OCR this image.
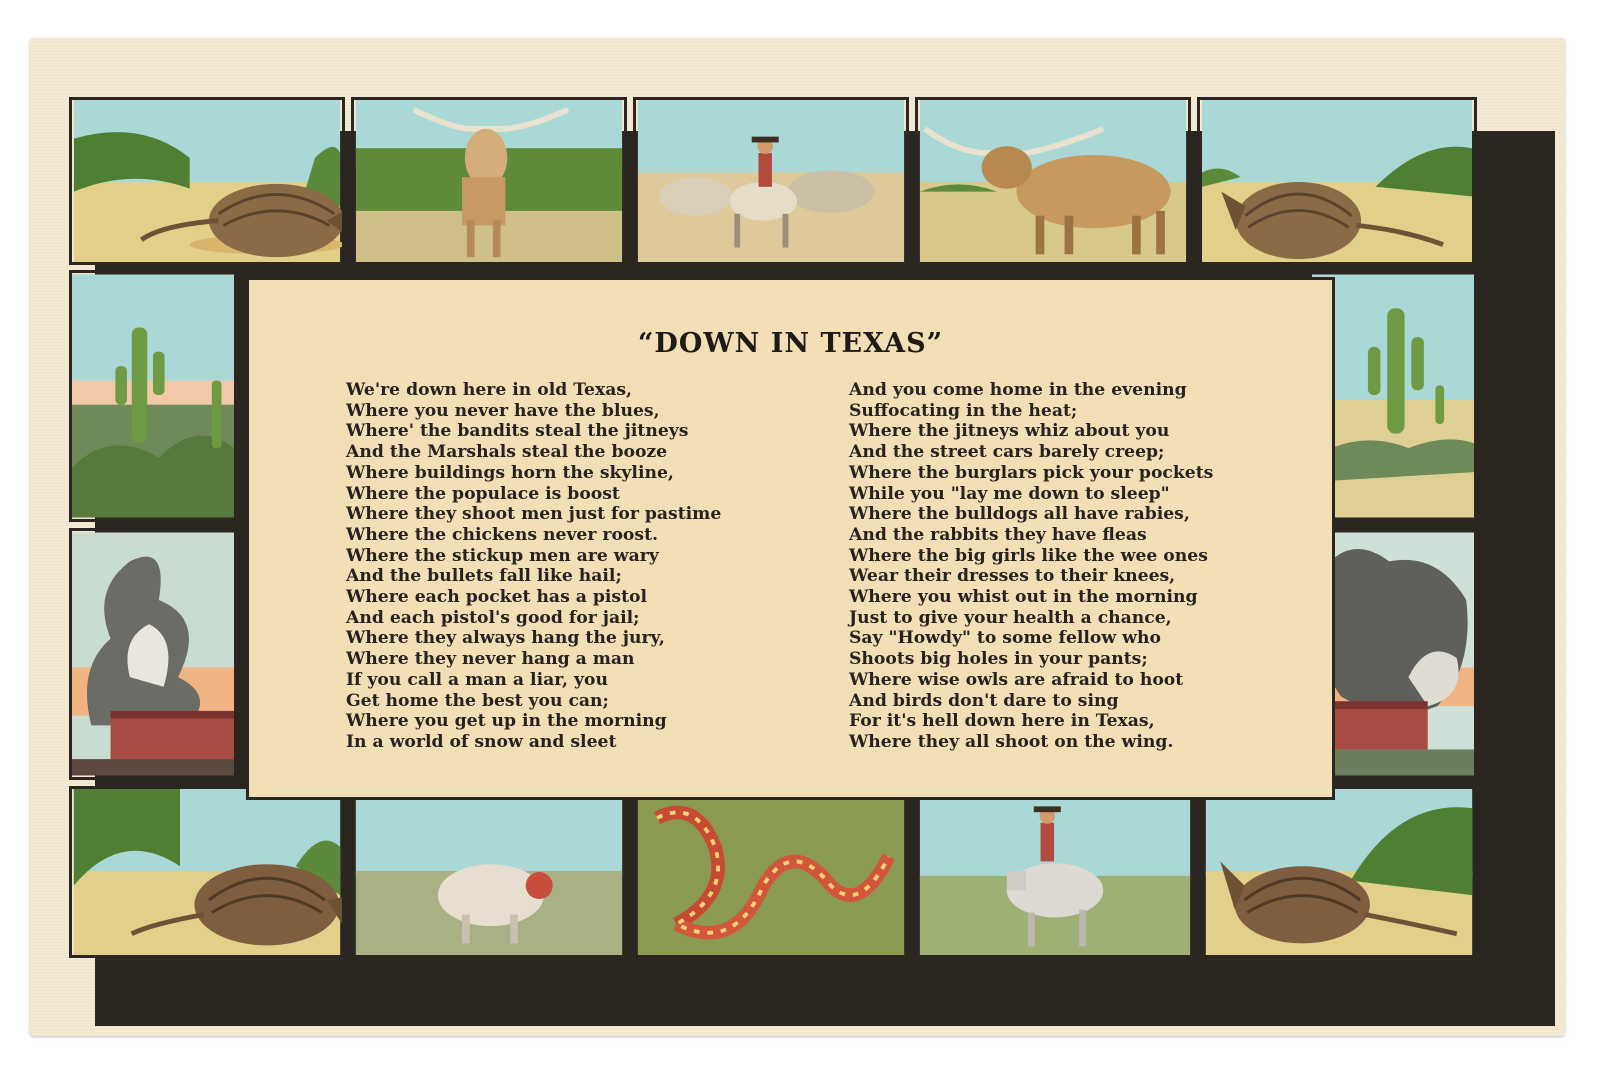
“DOWN IN TEXAS”
We're down here in old Texas,
Where you never have the blues,
Where' the bandits steal the jitneys
And the Marshals steal the booze
Where buildings horn the skyline,
Where the populace is boost
Where they shoot men just for pastime
Where the chickens never roost.
Where the stickup men are wary
And the bullets fall like hail;
Where each pocket has a pistol
And each pistol's good for jail;
Where they always hang the jury,
Where they never hang a man
If you call a man a liar, you
Get home the best you can;
Where you get up in the morning
In a world of snow and sleet
And you come home in the evening
Suffocating in the heat;
Where the jitneys whiz about you
And the street cars barely creep;
Where the burglars pick your pockets
While you "lay me down to sleep"
Where the bulldogs all have rabies,
And the rabbits they have fleas
Where the big girls like the wee ones
Wear their dresses to their knees,
Where you whist out in the morning
Just to give your health a chance,
Say "Howdy" to some fellow who
Shoots big holes in your pants;
Where wise owls are afraid to hoot
And birds don't dare to sing
For it's hell down here in Texas,
Where they all shoot on the wing.
49389
